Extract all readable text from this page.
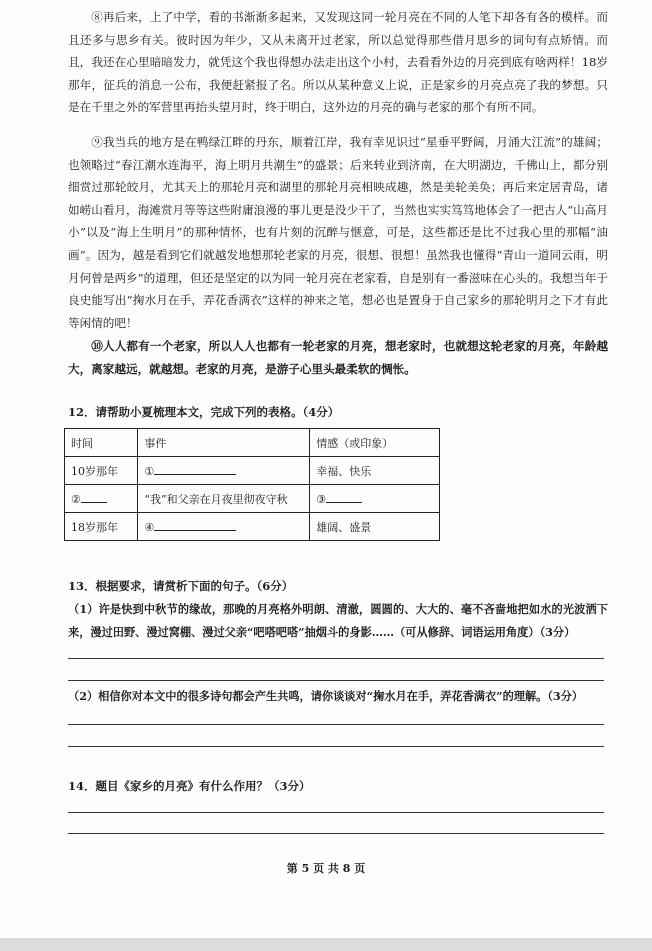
⑧再后来，上了中学，看的书渐渐多起来，又发现这同一轮月亮在不同的人笔下却各有各的模样。而且还多与思乡有关。彼时因为年少，又从未离开过老家，所以总觉得那些借月思乡的词句有点矫情。而且，我还在心里暗暗发力，就凭这个我也得想办法走出这个小村，去看看外边的月亮到底有啥两样！18岁那年，征兵的消息一公布，我便赶紧报了名。所以从某种意义上说，正是家乡的月亮点亮了我的梦想。只是在千里之外的军营里再抬头望月时，终于明白，这外边的月亮的确与老家的那个有所不同。

⑨我当兵的地方是在鸭绿江畔的丹东，顺着江岸，我有幸见识过“星垂平野阔，月涌大江流”的雄阔；也领略过“春江潮水连海平，海上明月共潮生”的盛景；后来转业到济南，在大明湖边，千佛山上，都分别细赏过那轮皎月，尤其天上的那轮月亮和湖里的那轮月亮相映成趣，然是美轮美奂；再后来定居青岛，诸如崂山看月，海滩赏月等等这些附庸浪漫的事儿更是没少干了，当然也实实笃笃地体会了一把古人“山高月小”以及“海上生明月”的那种情怀，也有片刻的沉醉与惬意，可是，这些都还是比不过我心里的那幅“油画”。因为，越是看到它们就越发地想那轮老家的月亮，很想、很想！虽然我也懂得“青山一道同云雨，明月何曾是两乡”的道理，但还是坚定的以为同一轮月亮在老家看，自是别有一番滋味在心头的。我想当年于良史能写出“掬水月在手，弄花香满衣”这样的神来之笔，想必也是置身于自己家乡的那轮明月之下才有此等闲情的吧！

⑩人人都有一个老家，所以人人也都有一轮老家的月亮，想老家时，也就想这轮老家的月亮，年龄越大，离家越远，就越想。老家的月亮，是游子心里头最柔软的惆怅。

12．请帮助小夏梳理本文，完成下列的表格。（4分）

时间	事件	情感（或印象）
10岁那年	①	幸福、快乐
②	“我”和父亲在月夜里彻夜守秋	③
18岁那年	④	雄阔、盛景

13．根据要求，请赏析下面的句子。（6分）

（1）许是快到中秋节的缘故，那晚的月亮格外明朗、清澈，圆圆的、大大的、毫不吝啬地把如水的光波洒下来，漫过田野、漫过窝棚、漫过父亲“吧嗒吧嗒”抽烟斗的身影……（可从修辞、词语运用角度）（3分）

（2）相信你对本文中的很多诗句都会产生共鸣，请你谈谈对“掬水月在手，弄花香满衣”的理解。（3分）

14．题目《家乡的月亮》有什么作用？（3分）

第 5 页 共 8 页
